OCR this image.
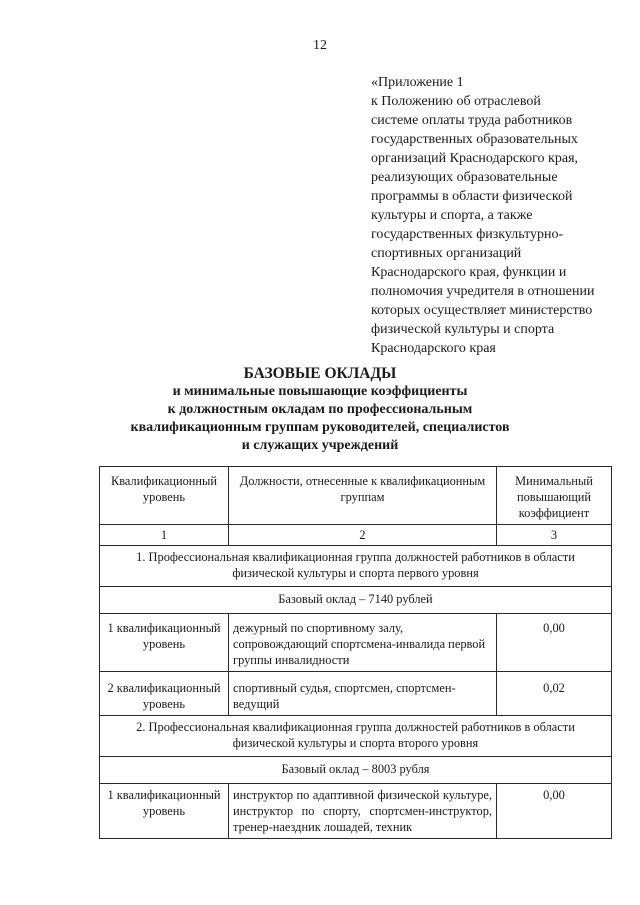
12
«Приложение 1
к Положению об отраслевой
системе оплаты труда работников
государственных образовательных
организаций Краснодарского края,
реализующих образовательные
программы в области физической
культуры и спорта, а также
государственных физкультурно-
спортивных организаций
Краснодарского края, функции и
полномочия учредителя в отношении
которых осуществляет министерство
физической культуры и спорта
Краснодарского края
БАЗОВЫЕ ОКЛАДЫ
и минимальные повышающие коэффициенты
к должностным окладам по профессиональным
квалификационным группам руководителей, специалистов
и служащих учреждений
Квалификационный уровень	Должности, отнесенные к квалификационным группам	Минимальный повышающий коэффициент
1	2	3
1. Профессиональная квалификационная группа должностей работников в области физической культуры и спорта первого уровня		
Базовый оклад – 7140 рублей		
1 квалификационный уровень	дежурный по спортивному залу, сопровождающий спортсмена-инвалида первой группы инвалидности	0,00
2 квалификационный уровень	спортивный судья, спортсмен, спортсмен-ведущий	0,02
2. Профессиональная квалификационная группа должностей работников в области физической культуры и спорта второго уровня		
Базовый оклад – 8003 рубля		
1 квалификационный уровень	инструктор по адаптивной физической культуре, инструктор по спорту, спортсмен-инструктор, тренер-наездник лошадей, техник	0,00
